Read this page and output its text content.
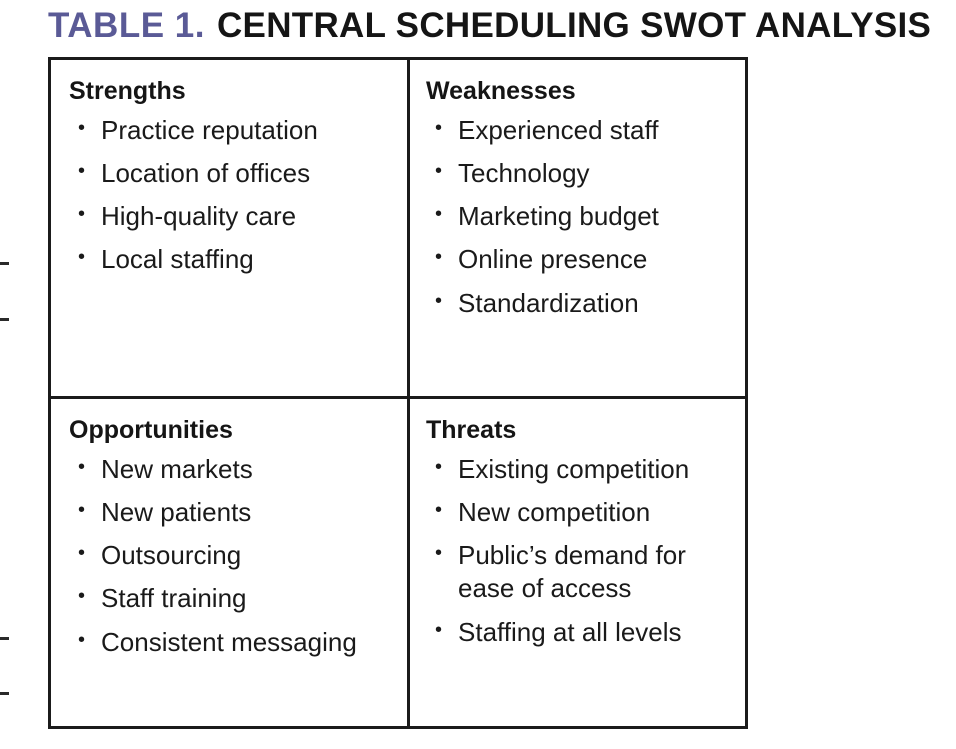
TABLE 1. CENTRAL SCHEDULING SWOT ANALYSIS
Strengths
• Practice reputation
• Location of offices
• High-quality care
• Local staffing
Weaknesses
• Experienced staff
• Technology
• Marketing budget
• Online presence
• Standardization
Opportunities
• New markets
• New patients
• Outsourcing
• Staff training
• Consistent messaging
Threats
• Existing competition
• New competition
• Public’s demand for ease of access
• Staffing at all levels
